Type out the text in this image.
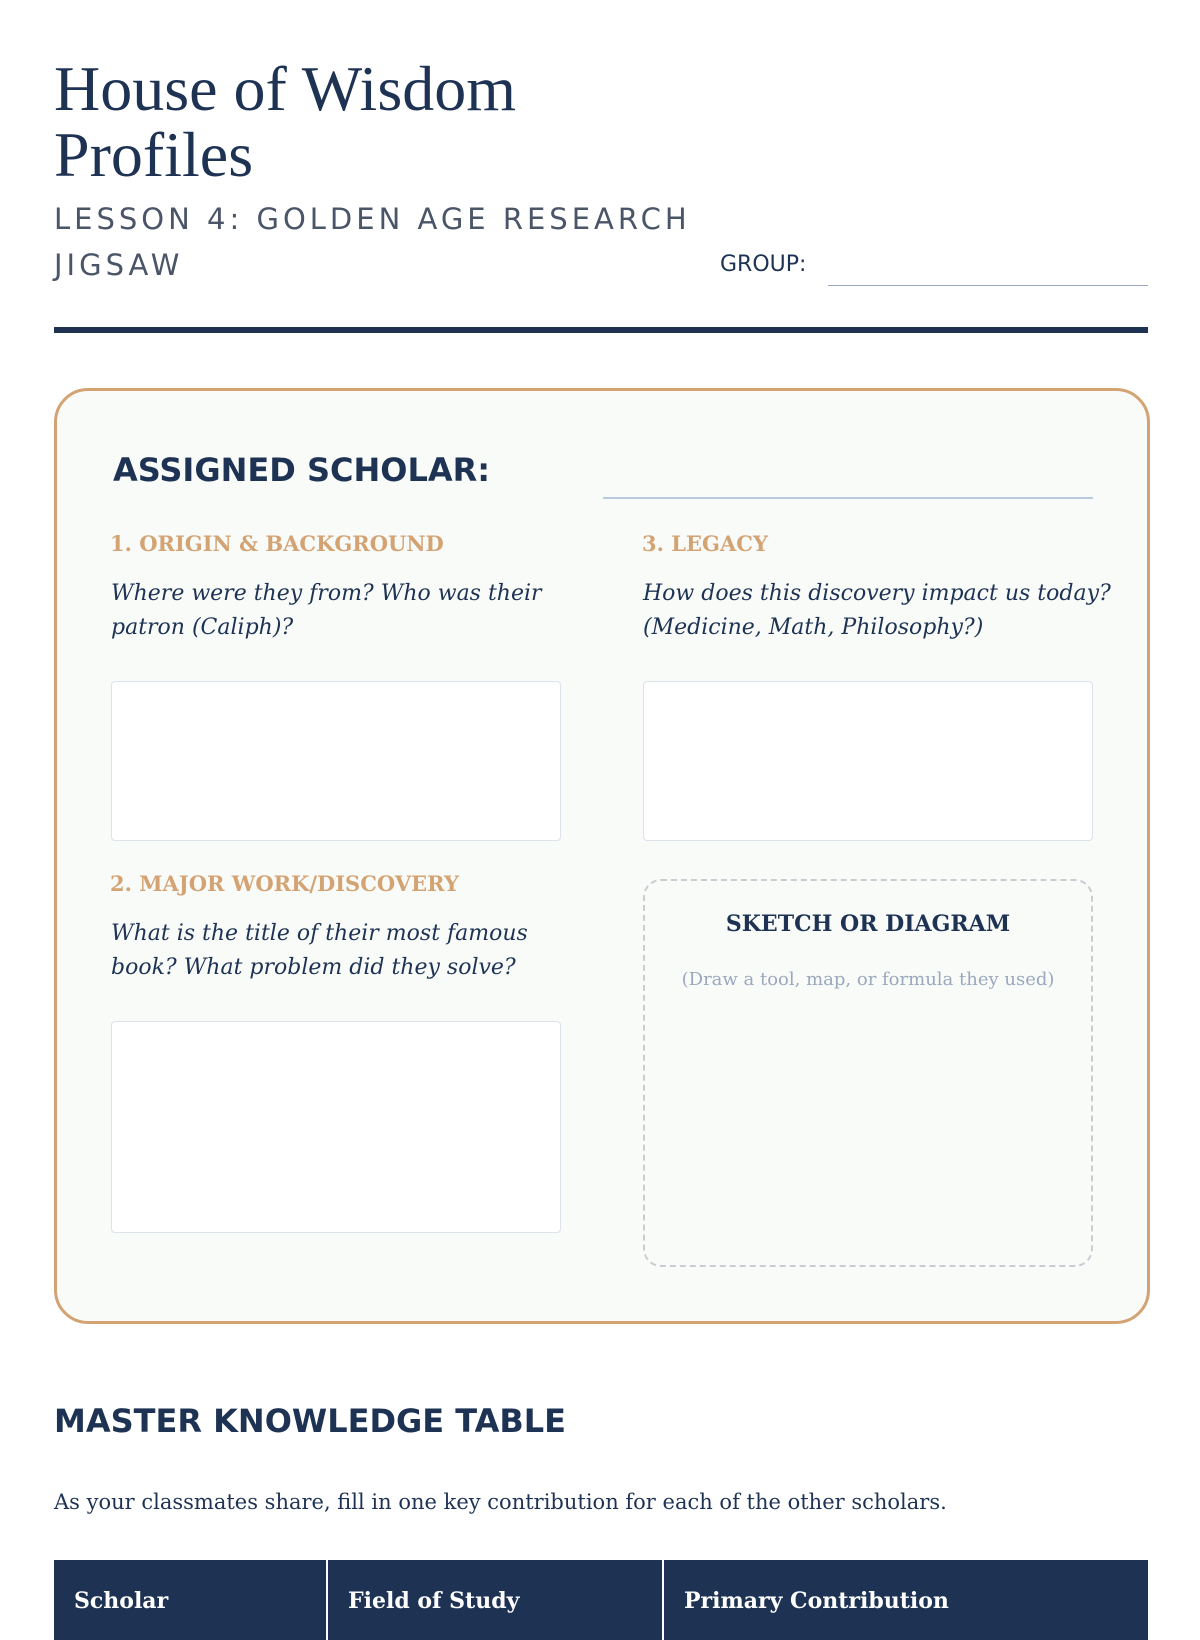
House of Wisdom Profiles
LESSON 4: GOLDEN AGE RESEARCH JIGSAW	GROUP:
ASSIGNED SCHOLAR:
1. ORIGIN & BACKGROUND

Where were they from? Who was their patron (Caliph)?

2. MAJOR WORK/DISCOVERY

What is the title of their most famous book? What problem did they solve?

3. LEGACY

How does this discovery impact us today? (Medicine, Math, Philosophy?)

SKETCH OR DIAGRAM
(Draw a tool, map, or formula they used)
MASTER KNOWLEDGE TABLE

As your classmates share, fill in one key contribution for each of the other scholars.

Scholar	Field of Study	Primary Contribution
